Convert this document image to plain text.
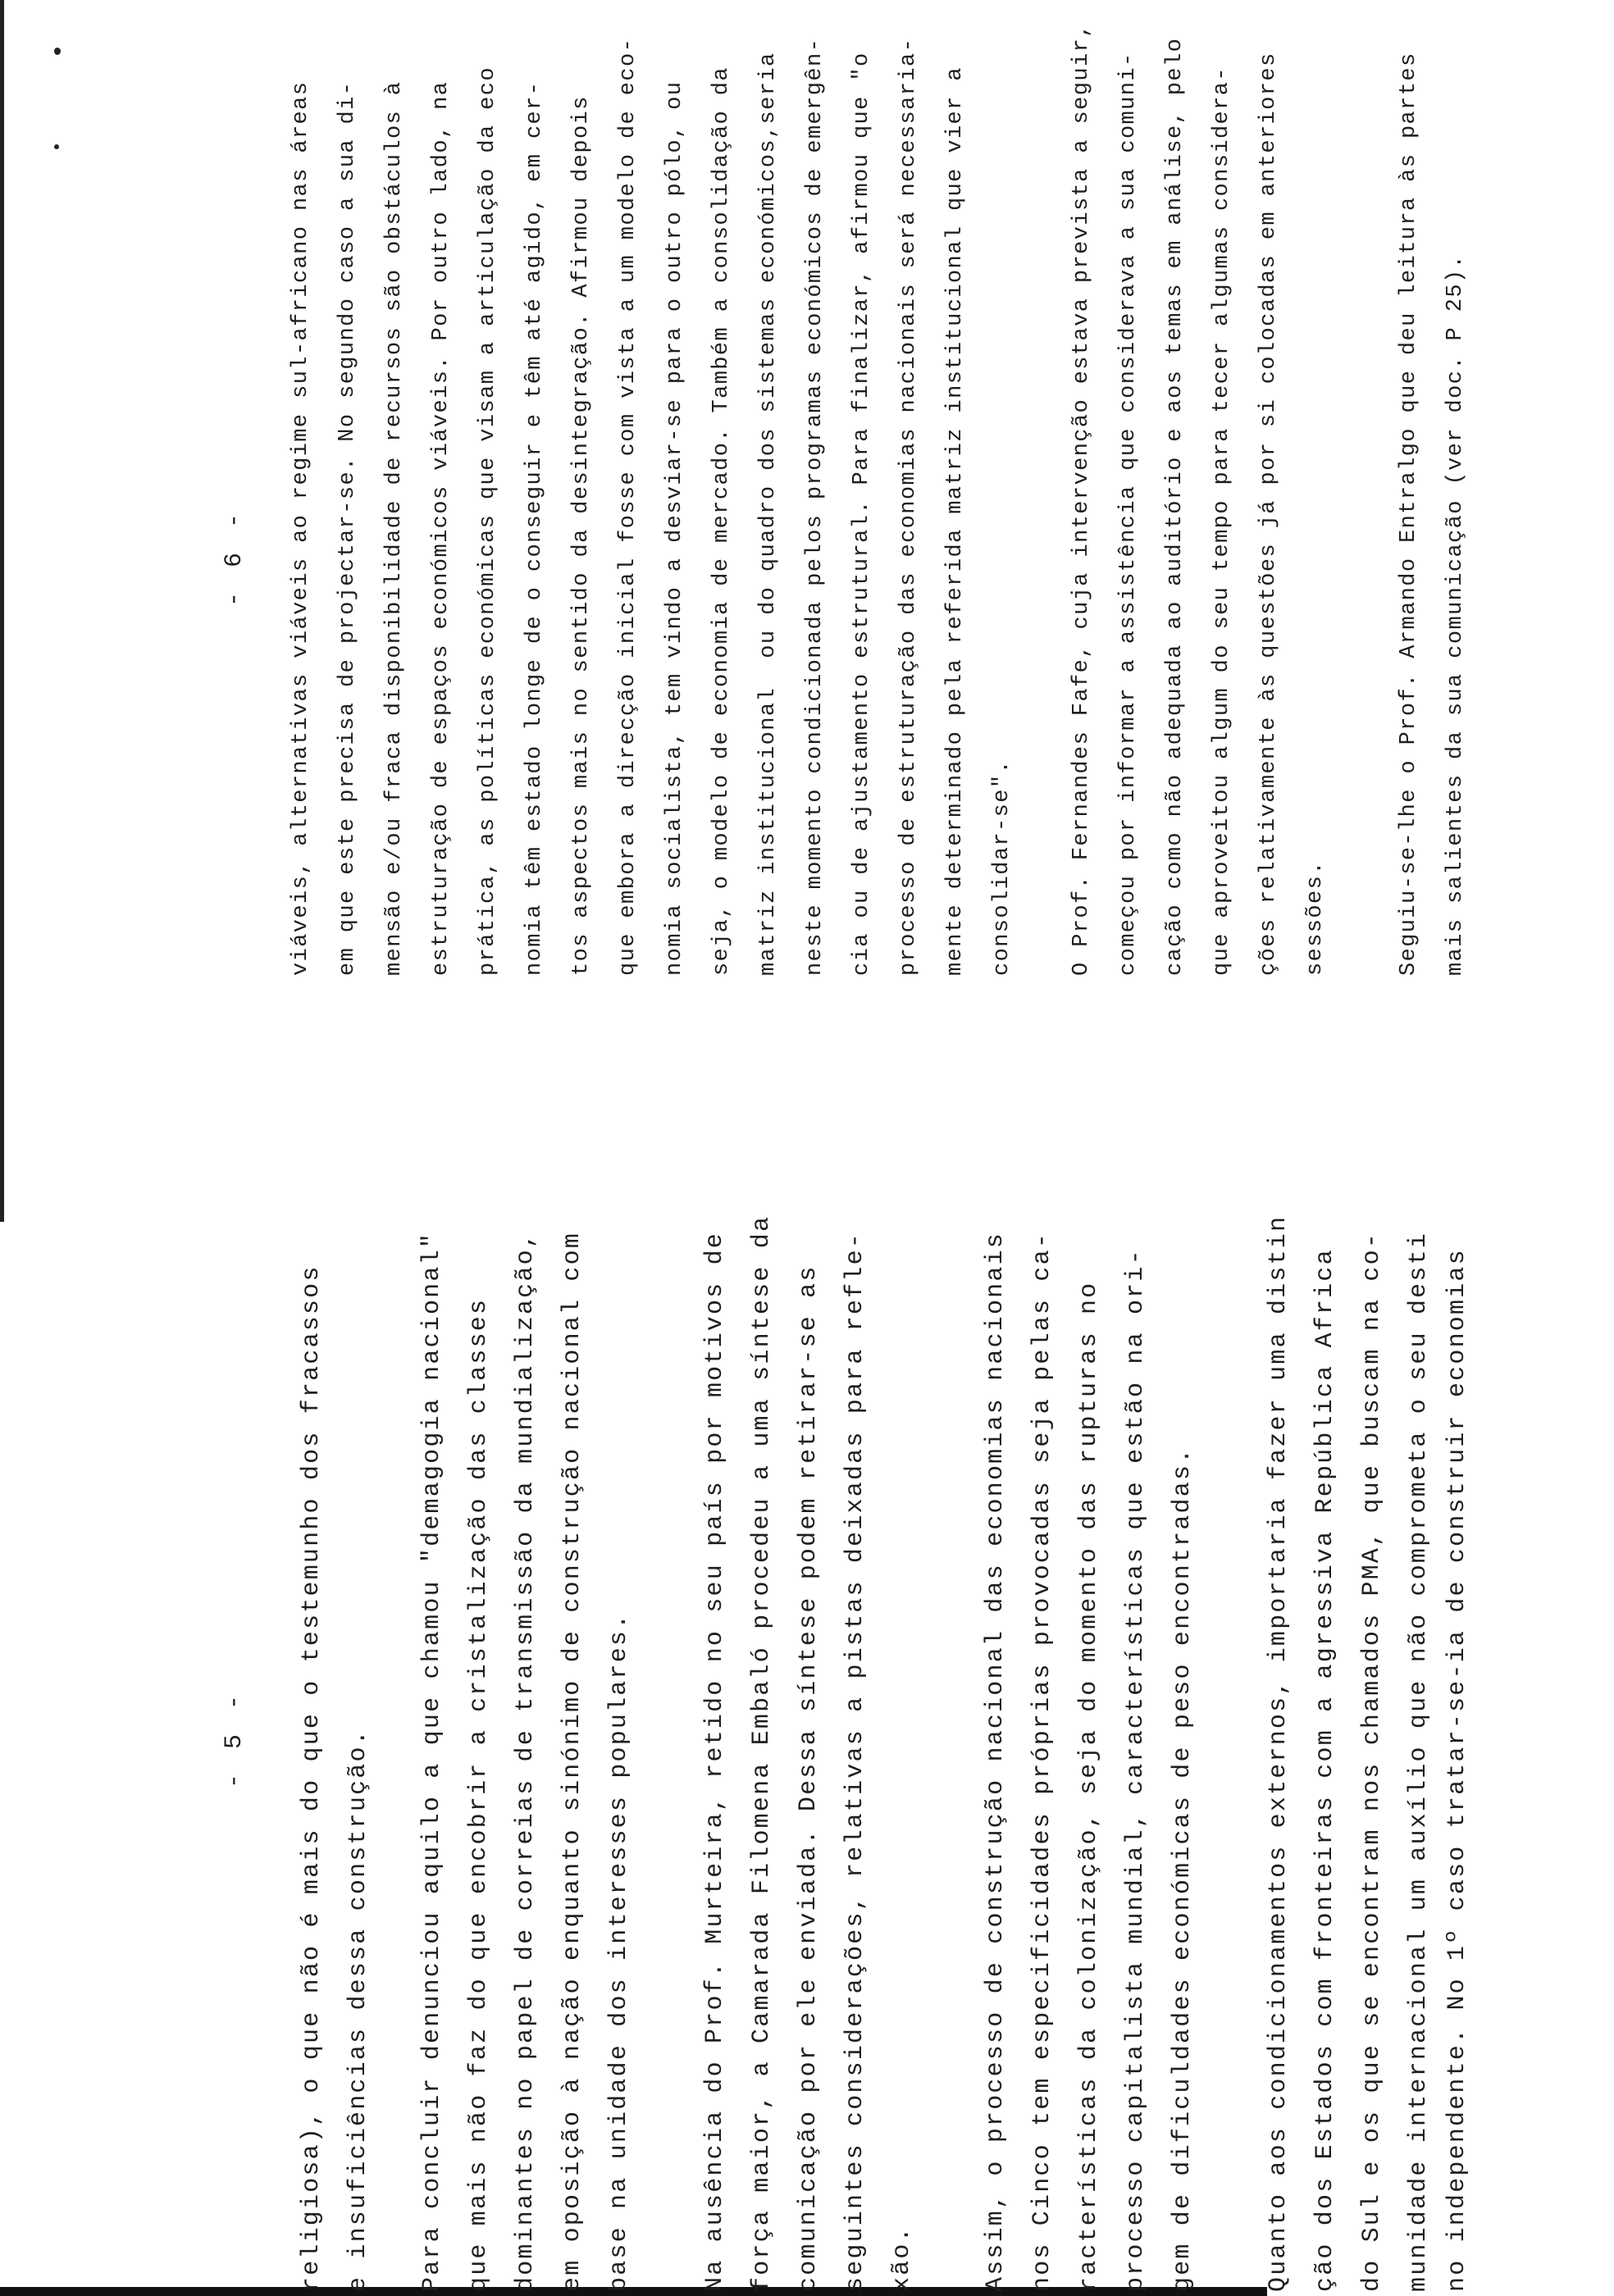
- 6 -
- 5 -	religiosa), o que não é mais do que o testemunho dos fracassos e insuficiências dessa construção.	Para concluir denunciou aquilo a que chamou "demagogia nacional" que mais não faz do que encobrir a cristalização das classes dominantes no papel de correias de transmissão da mundialização, em oposição à nação enquanto sinónimo de construção nacional com base na unidade dos interesses populares.	Na ausência do Prof. Murteira, retido no seu país por motivos de força maior, a Camarada Filomena Embaló procedeu a uma síntese da comunicação por ele enviada. Dessa síntese podem retirar-se as seguintes considerações, relativas a pistas deixadas para refle- xão.	Assim, o processo de construção nacional das economias nacionais nos Cinco tem especificidades próprias provocadas seja pelas ca- racterísticas da colonização, seja do momento das rupturas no processo capitalista mundial, características que estão na ori- gem de dificuldades económicas de peso encontradas.	Quanto aos condicionamentos externos, importaria fazer uma distin ção dos Estados com fronteiras com a agressiva República Africa do Sul e os que se encontram nos chamados PMA, que buscam na co- munidade internacional um auxílio que não comprometa o seu desti no independente. No 1º caso tratar-se-ia de construir economias
viáveis, alternativas viáveis ao regime sul-africano nas áreas	em que este precisa de projectar-se. No segundo caso a sua di-	mensão e/ou fraca disponibilidade de recursos são obstáculos à	estruturação de espaços económicos viáveis. Por outro lado, na	prática, as políticas económicas que visam a articulação da eco	nomia têm estado longe de o conseguir e têm até agido, em cer-	tos aspectos mais no sentido da desintegração. Afirmou depois	que embora a direcção inicial fosse com vista a um modelo de eco-	nomia socialista, tem vindo a desviar-se para o outro pólo, ou	seja, o modelo de economia de mercado. Também a consolidação da	matriz institucional  ou do quadro dos sistemas económicos,seria	neste momento condicionada pelos programas económicos de emergên-	cia ou de ajustamento estrutural. Para finalizar, afirmou que "o	processo de estruturação das economias nacionais será necessaria-	mente determinado pela referida matriz institucional que vier a	consolidar-se".	O Prof. Fernandes Fafe, cuja intervenção estava prevista a seguir,	começou por informar a assistência que considerava a sua comuni-	cação como não adequada ao auditório e aos temas em análise, pelo	que aproveitou algum do seu tempo para tecer algumas considera-	ções relativamente às questões já por si colocadas em anteriores	sessões.	Seguiu-se-lhe o Prof. Armando Entralgo que deu leitura às partes	mais salientes da sua comunicação (ver doc. P 25).
